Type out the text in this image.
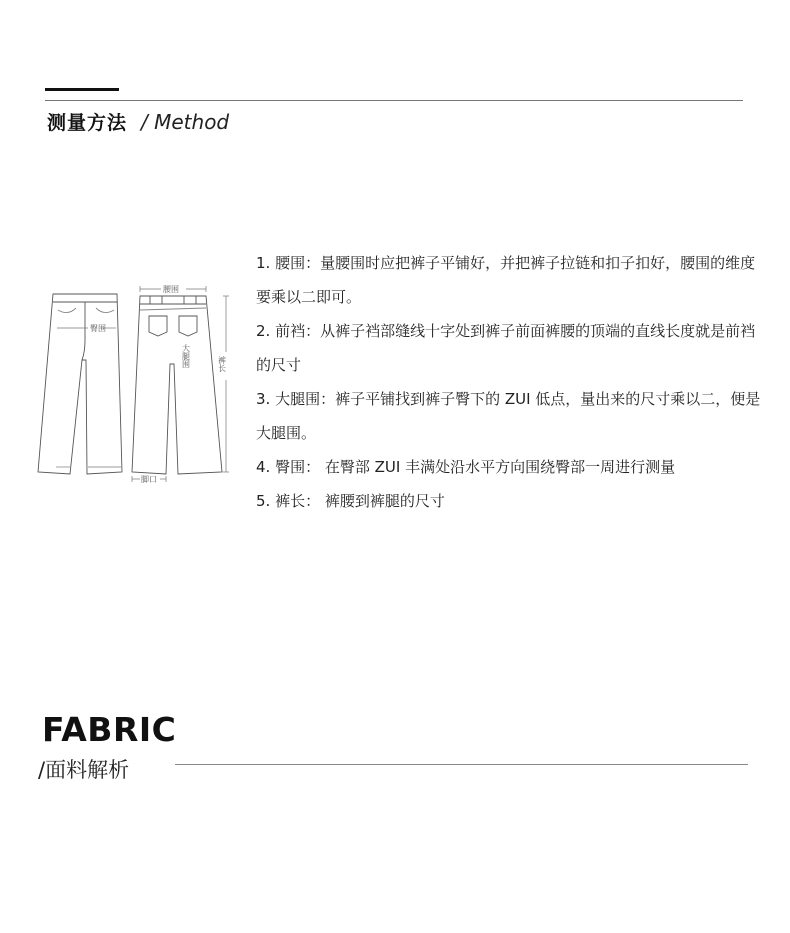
测量方法 / Method
臀围
腰围
大腿围	裤长
脚口
1. 腰围：量腰围时应把裤子平铺好，并把裤子拉链和扣子扣好，腰围的维度要乘以二即可。
2. 前裆：从裤子裆部缝线十字处到裤子前面裤腰的顶端的直线长度就是前裆的尺寸
3. 大腿围：裤子平铺找到裤子臀下的 ZUI 低点，量出来的尺寸乘以二，便是大腿围。
4. 臀围： 在臀部 ZUI 丰满处沿水平方向围绕臀部一周进行测量
5. 裤长： 裤腰到裤腿的尺寸
FABRIC
/面料解析
